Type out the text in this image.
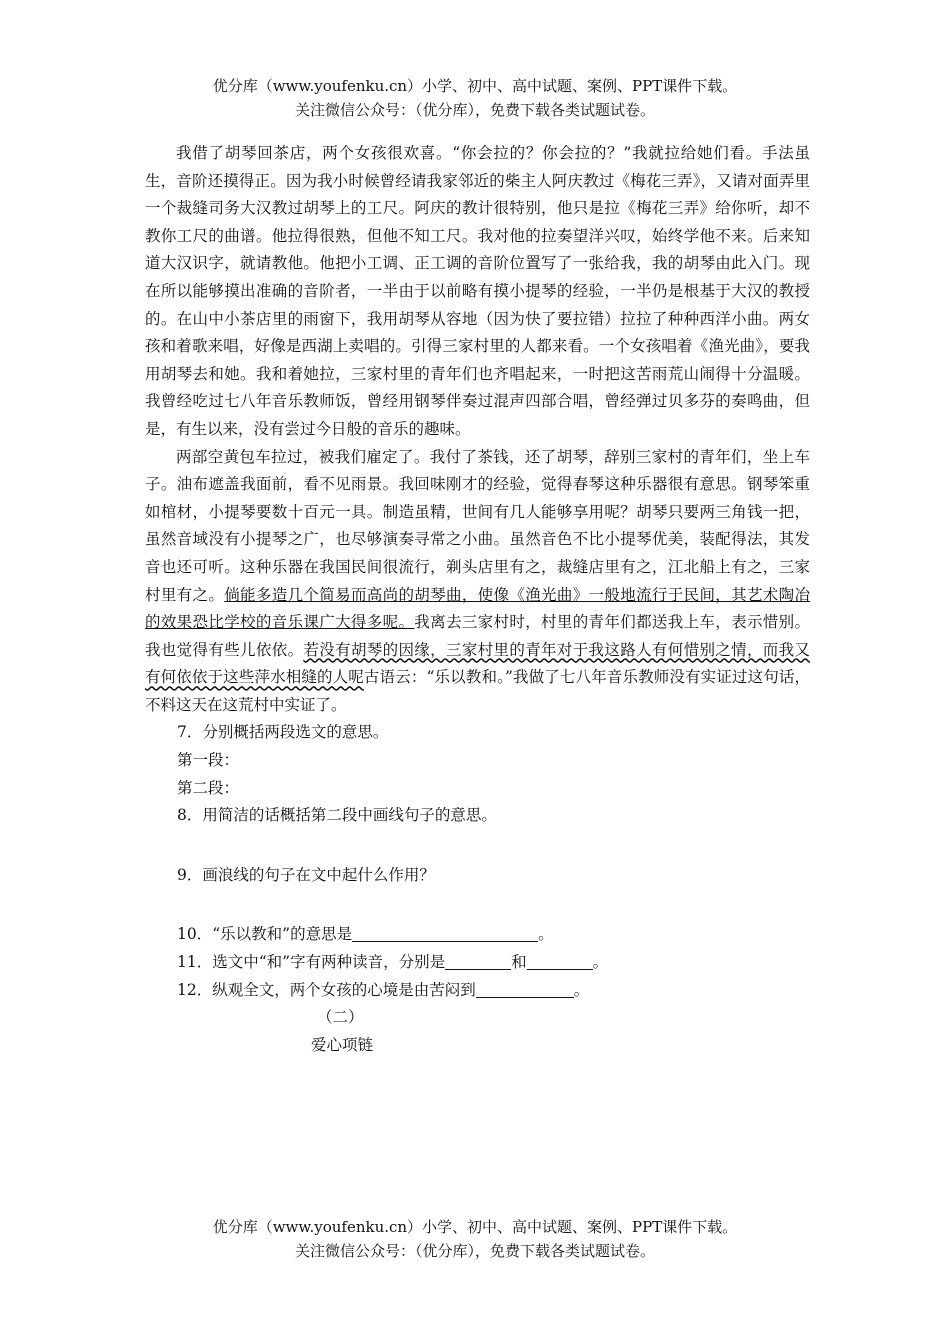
优分库（www.youfenku.cn）小学、初中、高中试题、案例、PPT课件下载。
关注微信公众号：（优分库），免费下载各类试题试卷。

我借了胡琴回茶店，两个女孩很欢喜。“你会拉的？你会拉的？”我就拉给她们看。手法虽生，音阶还摸得正。因为我小时候曾经请我家邻近的柴主人阿庆教过《梅花三弄》，又请对面弄里一个裁缝司务大汉教过胡琴上的工尺。阿庆的教计很特别，他只是拉《梅花三弄》给你听，却不教你工尺的曲谱。他拉得很熟，但他不知工尺。我对他的拉奏望洋兴叹，始终学他不来。后来知道大汉识字，就请教他。他把小工调、正工调的音阶位置写了一张给我，我的胡琴由此入门。现在所以能够摸出准确的音阶者，一半由于以前略有摸小提琴的经验，一半仍是根基于大汉的教授的。在山中小茶店里的雨窗下，我用胡琴从容地（因为快了要拉错）拉拉了种种西洋小曲。两女孩和着歌来唱，好像是西湖上卖唱的。引得三家村里的人都来看。一个女孩唱着《渔光曲》，要我用胡琴去和她。我和着她拉，三家村里的青年们也齐唱起来，一时把这苦雨荒山闹得十分温暖。我曾经吃过七八年音乐教师饭，曾经用钢琴伴奏过混声四部合唱，曾经弹过贝多芬的奏鸣曲，但是，有生以来，没有尝过今日般的音乐的趣味。

两部空黄包车拉过，被我们雇定了。我付了茶钱，还了胡琴，辞别三家村的青年们，坐上车子。油布遮盖我面前，看不见雨景。我回味刚才的经验，觉得春琴这种乐器很有意思。钢琴笨重如棺材，小提琴要数十百元一具。制造虽精，世间有几人能够享用呢？胡琴只要两三角钱一把，虽然音域没有小提琴之广，也尽够演奏寻常之小曲。虽然音色不比小提琴优美，装配得法，其发音也还可听。这种乐器在我国民间很流行，剃头店里有之，裁缝店里有之，江北船上有之，三家村里有之。倘能多造几个简易而高尚的胡琴曲，使像《渔光曲》一般地流行于民间，其艺术陶冶的效果恐比学校的音乐课广大得多呢。我离去三家村时，村里的青年们都送我上车，表示惜别。我也觉得有些儿依依。若没有胡琴的因缘，三家村里的青年对于我这路人有何惜别之情，而我又有何依依于这些萍水相缝的人呢古语云：“乐以教和。”我做了七八年音乐教师没有实证过这句话，不料这天在这荒村中实证了。

7．分别概括两段选文的意思。
第一段：
第二段：
8．用简洁的话概括第二段中画线句子的意思。
9．画浪线的句子在文中起什么作用？
10．“乐以教和”的意思是	。
11．选文中“和”字有两种读音，分别是	和	。
12．纵观全文，两个女孩的心境是由苦闷到	。
（二）
爱心项链
优分库（www.youfenku.cn）小学、初中、高中试题、案例、PPT课件下载。
关注微信公众号：（优分库），免费下载各类试题试卷。
